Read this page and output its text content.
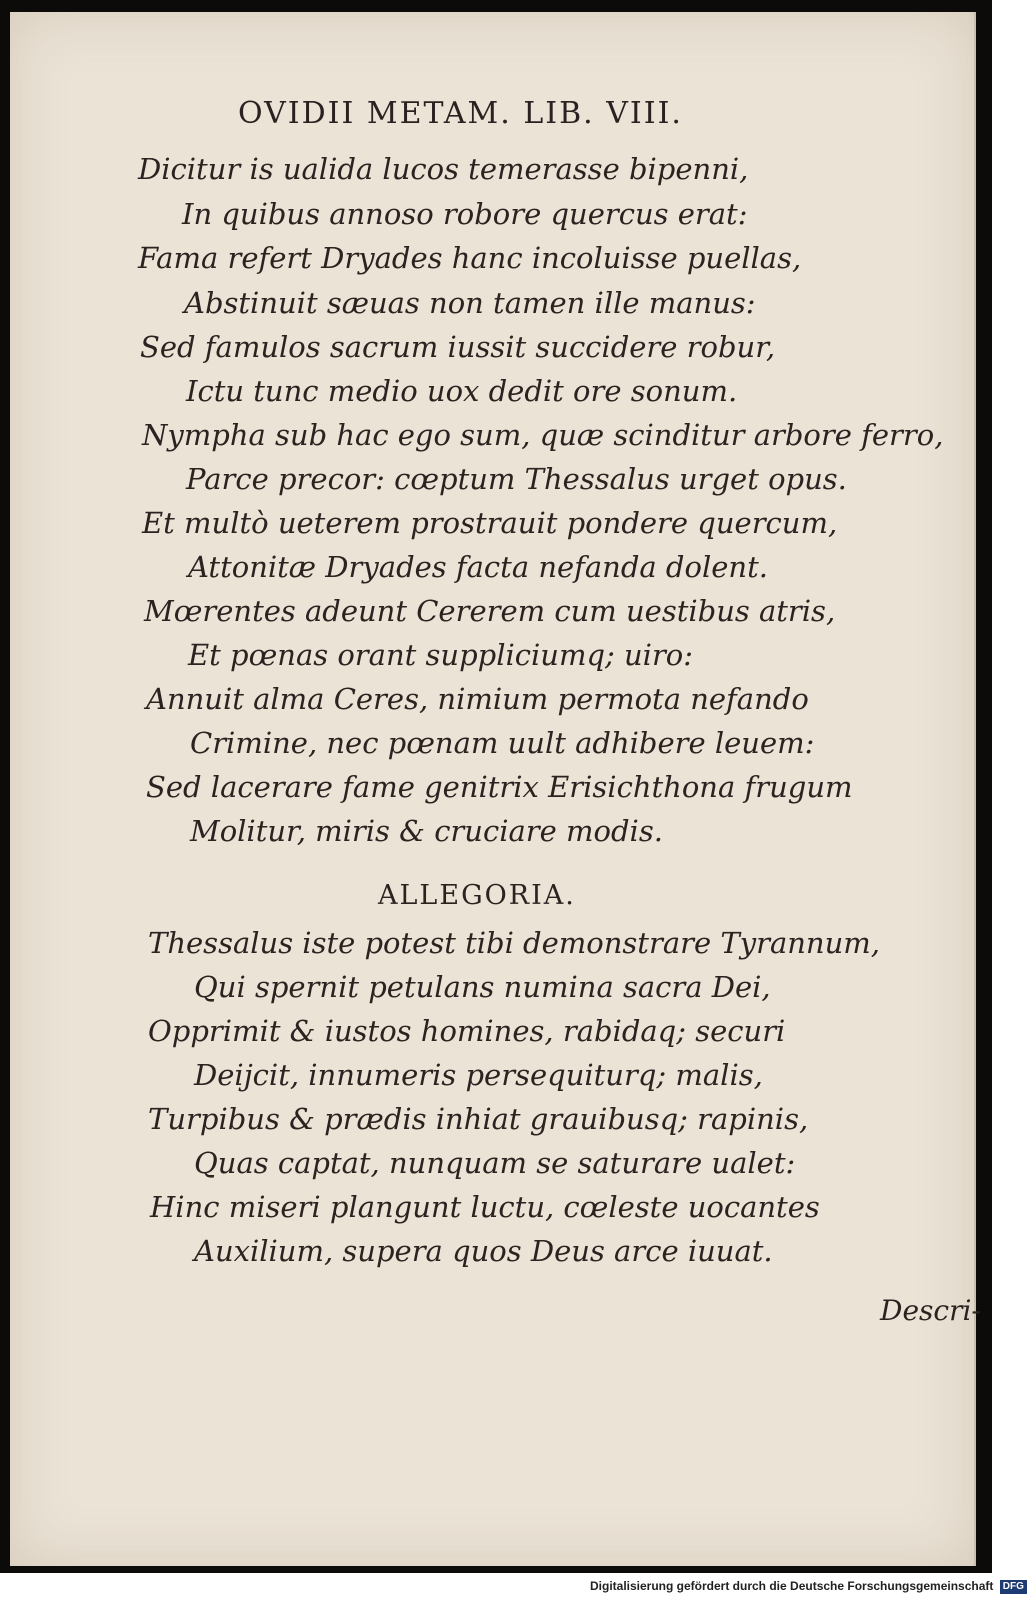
OVIDII METAM. LIB. VIII.
Dicitur is ualida lucos temerasse bipenni,
In quibus annoso robore quercus erat:
Fama refert Dryades hanc incoluisse puellas,
Abstinuit sæuas non tamen ille manus:
Sed famulos sacrum iussit succidere robur,
Ictu tunc medio uox dedit ore sonum.
Nympha sub hac ego sum, quæ scinditur arbore ferro,
Parce precor: cœptum Thessalus urget opus.
Et multò ueterem prostrauit pondere quercum,
Attonitæ Dryades facta nefanda dolent.
Mœrentes adeunt Cererem cum uestibus atris,
Et pœnas orant suppliciumq; uiro:
Annuit alma Ceres, nimium permota nefando
Crimine, nec pœnam uult adhibere leuem:
Sed lacerare fame genitrix Erisichthona frugum
Molitur, miris & cruciare modis.
ALLEGORIA.
Thessalus iste potest tibi demonstrare Tyrannum,
Qui spernit petulans numina sacra Dei,
Opprimit & iustos homines, rabidaq; securi
Deijcit, innumeris persequiturq; malis,
Turpibus & prædis inhiat grauibusq; rapinis,
Quas captat, nunquam se saturare ualet:
Hinc miseri plangunt luctu, cœleste uocantes
Auxilium, supera quos Deus arce iuuat.
Descri-
Digitalisierung gefördert durch die Deutsche Forschungsgemeinschaft DFG
